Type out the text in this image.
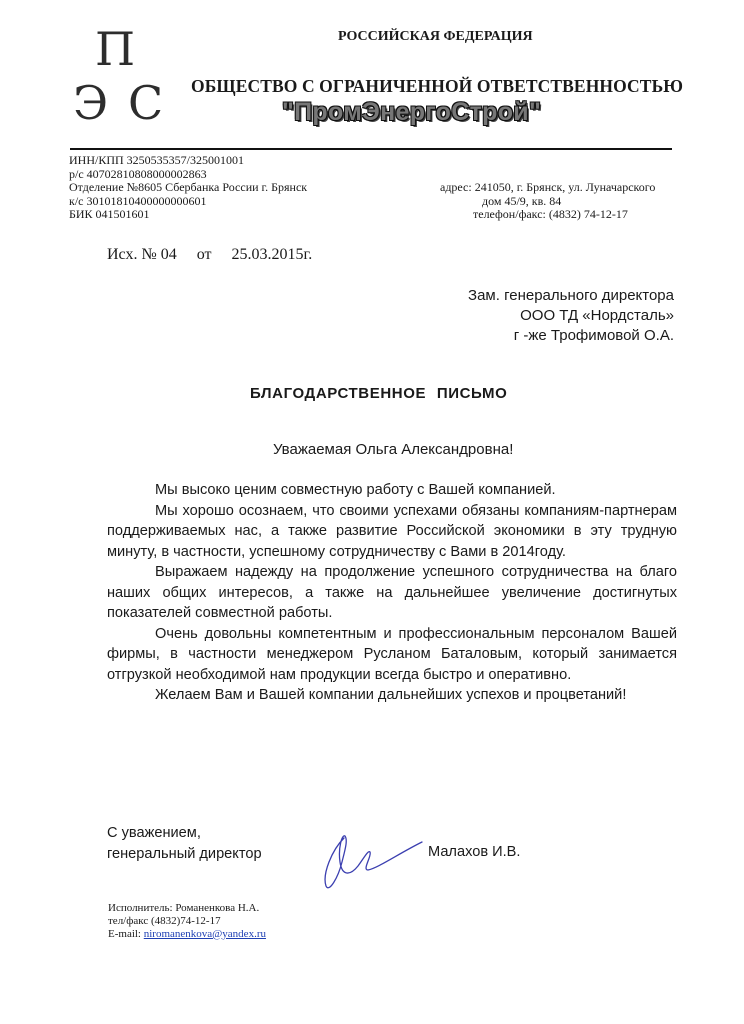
П
Э С
РОССИЙСКАЯ ФЕДЕРАЦИЯ
ОБЩЕСТВО С ОГРАНИЧЕННОЙ ОТВЕТСТВЕННОСТЬЮ
"ПромЭнергоСтрой"
ИНН/КПП 3250535357/325001001
р/с 40702810808000002863
Отделение №8605 Сбербанка России г. Брянск
к/с 30101810400000000601
БИК 041501601
адрес: 241050, г. Брянск, ул. Луначарского
дом 45/9, кв. 84
телефон/факс: (4832) 74-12-17
Исх. № 04 от 25.03.2015г.
Зам. генерального директора
ООО ТД «Нордсталь»
г -же Трофимовой О.А.
БЛАГОДАРСТВЕННОЕ ПИСЬМО
Уважаемая Ольга Александровна!

Мы высоко ценим совместную работу с Вашей компанией.

Мы хорошо осознаем, что своими успехами обязаны компаниям-партнерам поддерживаемых нас, а также развитие Российской экономики в эту трудную минуту, в частности, успешному сотрудничеству с Вами в 2014году.

Выражаем надежду на продолжение успешного сотрудничества на благо наших общих интересов, а также на дальнейшее увеличение достигнутых показателей совместной работы.

Очень довольны компетентным и профессиональным персоналом Вашей фирмы, в частности менеджером Русланом Баталовым, который занимается отгрузкой необходимой нам продукции всегда быстро и оперативно.

Желаем Вам и Вашей компании дальнейших успехов и процветаний!

С уважением,
генеральный директор	Малахов И.В.
Исполнитель: Романенкова Н.А.
тел/факс (4832)74-12-17
E-mail: niromanenkova@yandex.ru
